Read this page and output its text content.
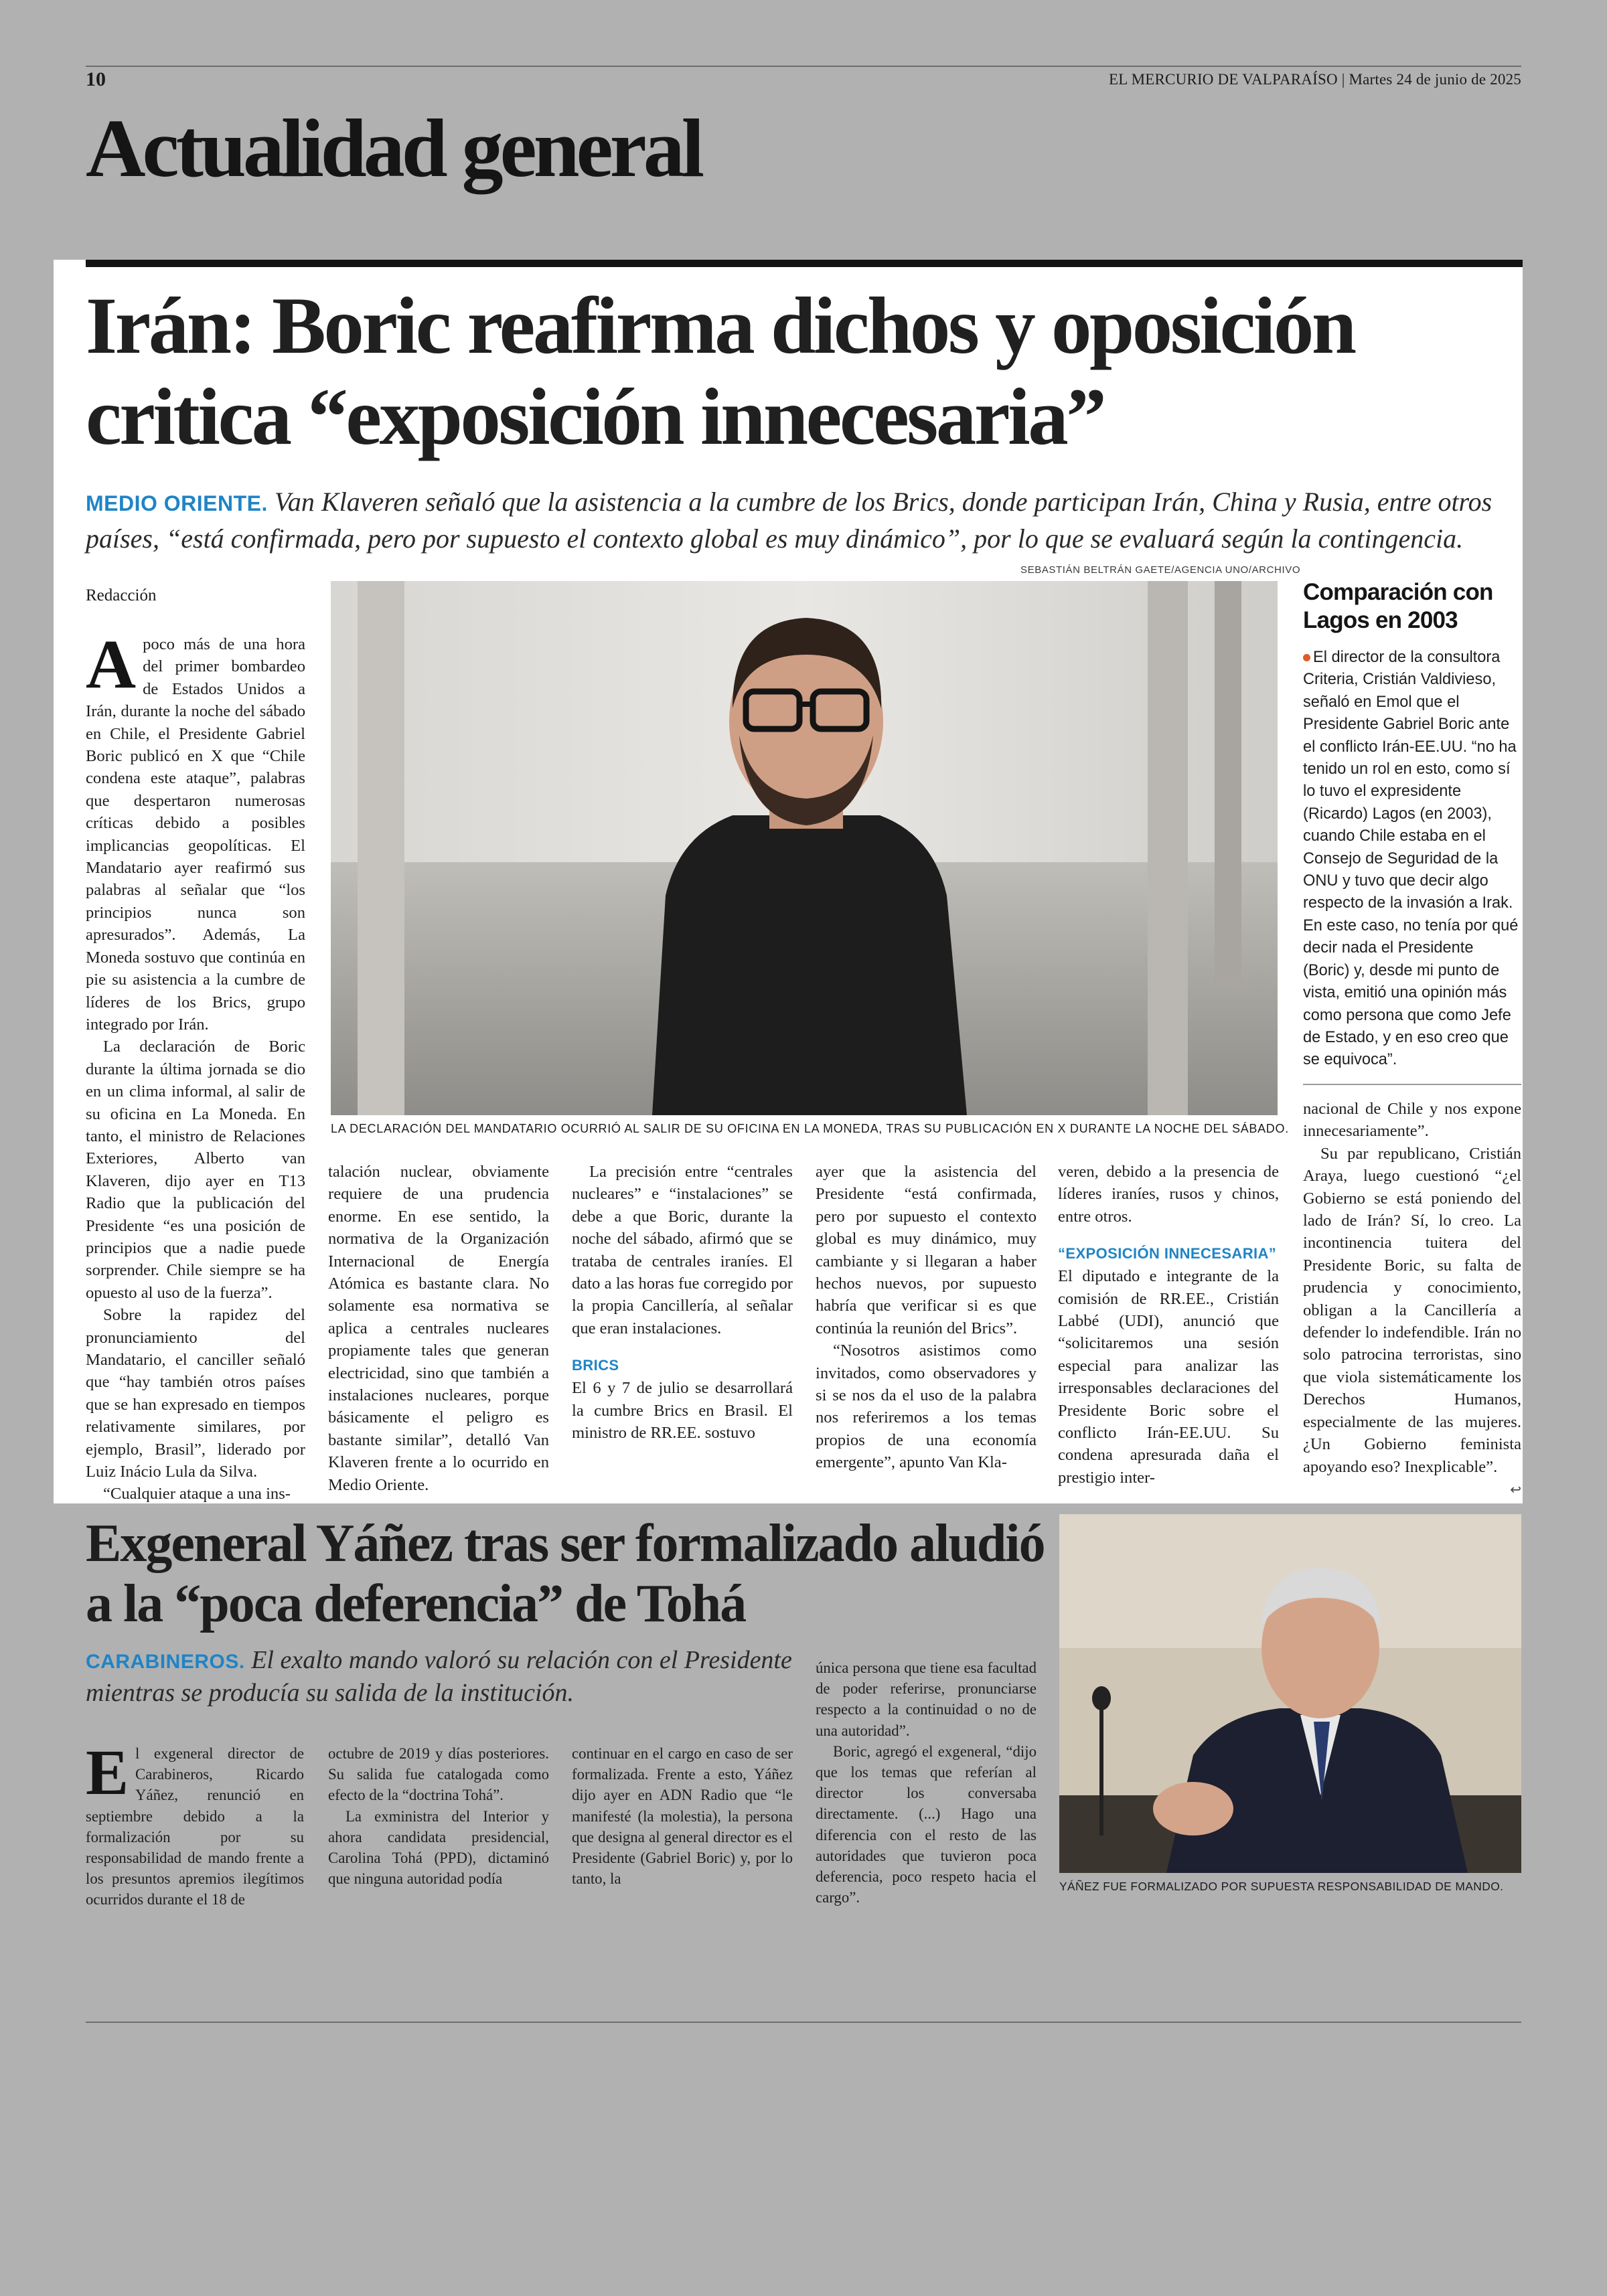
10	EL MERCURIO DE VALPARAÍSO | Martes 24 de junio de 2025
Actualidad general
Irán: Boric reafirma dichos y oposición critica “exposición innecesaria”
MEDIO ORIENTE. Van Klaveren señaló que la asistencia a la cumbre de los Brics, donde participan Irán, China y Rusia, entre otros países, “está confirmada, pero por supuesto el contexto global es muy dinámico”, por lo que se evaluará según la contingencia.
SEBASTIÁN BELTRÁN GAETE/AGENCIA UNO/ARCHIVO
LA DECLARACIÓN DEL MANDATARIO OCURRIÓ AL SALIR DE SU OFICINA EN LA MONEDA, TRAS SU PUBLICACIÓN EN X DURANTE LA NOCHE DEL SÁBADO.
Redacción

Apoco más de una hora del primer bombardeo de Estados Unidos a Irán, durante la noche del sábado en Chile, el Presidente Gabriel Boric publicó en X que “Chile condena este ataque”, palabras que despertaron numerosas críticas debido a posibles implicancias geopolíticas. El Mandatario ayer reafirmó sus palabras al señalar que “los principios nunca son apresurados”. Además, La Moneda sostuvo que continúa en pie su asistencia a la cumbre de líderes de los Brics, grupo integrado por Irán.

La declaración de Boric durante la última jornada se dio en un clima informal, al salir de su oficina en La Moneda. En tanto, el ministro de Relaciones Exteriores, Alberto van Klaveren, dijo ayer en T13 Radio que la publicación del Presidente “es una posición de principios que a nadie puede sorprender. Chile siempre se ha opuesto al uso de la fuerza”.

Sobre la rapidez del pronunciamiento del Mandatario, el canciller señaló que “hay también otros países que se han expresado en tiempos relativamente similares, por ejemplo, Brasil”, liderado por Luiz Inácio Lula da Silva.

“Cualquier ataque a una ins-

talación nuclear, obviamente requiere de una prudencia enorme. En ese sentido, la normativa de la Organización Internacional de Energía Atómica es bastante clara. No solamente esa normativa se aplica a centrales nucleares propiamente tales que generan electricidad, sino que también a instalaciones nucleares, porque básicamente el peligro es bastante similar”, detalló Van Klaveren frente a lo ocurrido en Medio Oriente.

La precisión entre “centrales nucleares” e “instalaciones” se debe a que Boric, durante la noche del sábado, afirmó que se trataba de centrales iraníes. El dato a las horas fue corregido por la propia Cancillería, al señalar que eran instalaciones.

BRICS

El 6 y 7 de julio se desarrollará la cumbre Brics en Brasil. El ministro de RR.EE. sostuvo

ayer que la asistencia del Presidente “está confirmada, pero por supuesto el contexto global es muy dinámico, muy cambiante y si llegaran a haber hechos nuevos, por supuesto habría que verificar si es que continúa la reunión del Brics”.

“Nosotros asistimos como invitados, como observadores y si se nos da el uso de la palabra nos referiremos a los temas propios de una economía emergente”, apunto Van Kla-

veren, debido a la presencia de líderes iraníes, rusos y chinos, entre otros.

“EXPOSICIÓN INNECESARIA”

El diputado e integrante de la comisión de RR.EE., Cristián Labbé (UDI), anunció que “solicitaremos una sesión especial para analizar las irresponsables declaraciones del Presidente Boric sobre el conflicto Irán-EE.UU. Su condena apresurada daña el prestigio inter-

nacional de Chile y nos expone innecesariamente”.

Su par republicano, Cristián Araya, luego cuestionó “¿el Gobierno se está poniendo del lado de Irán? Sí, lo creo. La incontinencia tuitera del Presidente Boric, su falta de prudencia y conocimiento, obligan a la Cancillería a defender lo indefendible. Irán no solo patrocina terroristas, sino que viola sistemáticamente los Derechos Humanos, especialmente de las mujeres. ¿Un Gobierno feminista apoyando eso? Inexplicable”.

↩
Comparación con Lagos en 2003
El director de la consultora Criteria, Cristián Valdivieso, señaló en Emol que el Presidente Gabriel Boric ante el conflicto Irán-EE.UU. “no ha tenido un rol en esto, como sí lo tuvo el expresidente (Ricardo) Lagos (en 2003), cuando Chile estaba en el Consejo de Seguridad de la ONU y tuvo que decir algo respecto de la invasión a Irak. En este caso, no tenía por qué decir nada el Presidente (Boric) y, desde mi punto de vista, emitió una opinión más como persona que como Jefe de Estado, y en eso creo que se equivoca”.
Exgeneral Yáñez tras ser formalizado aludió a la “poca deferencia” de Tohá
CARABINEROS. El exalto mando valoró su relación con el Presidente mientras se producía su salida de la institución.

El exgeneral director de Carabineros, Ricardo Yáñez, renunció en septiembre debido a la formalización por su responsabilidad de mando frente a los presuntos apremios ilegítimos ocurridos durante el 18 de

octubre de 2019 y días posteriores. Su salida fue catalogada como efecto de la “doctrina Tohá”.

La exministra del Interior y ahora candidata presidencial, Carolina Tohá (PPD), dictaminó que ninguna autoridad podía

continuar en el cargo en caso de ser formalizada. Frente a esto, Yáñez dijo ayer en ADN Radio que “le manifesté (la molestia), la persona que designa al general director es el Presidente (Gabriel Boric) y, por lo tanto, la

única persona que tiene esa facultad de poder referirse, pronunciarse respecto a la continuidad o no de una autoridad”.

Boric, agregó el exgeneral, “dijo que los temas que referían al director los conversaba directamente. (...) Hago una diferencia con el resto de las autoridades que tuvieron poca deferencia, poco respeto hacia el cargo”.

YÁÑEZ FUE FORMALIZADO POR SUPUESTA RESPONSABILIDAD DE MANDO.
